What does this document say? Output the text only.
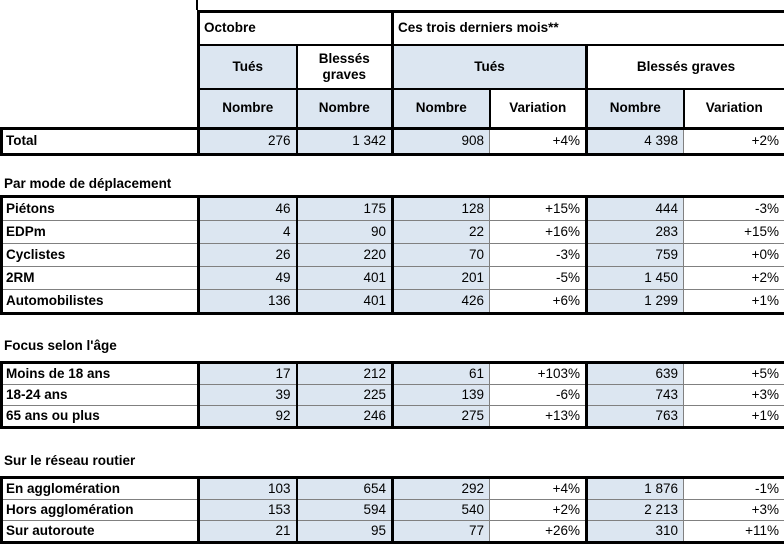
	Octobre		Ces trois derniers mois**			
	Tués	Blessés graves	Tués		Blessés graves	
	Nombre	Nombre	Nombre	Variation	Nombre	Variation
Total	276	1 342	908	+4%	4 398	+2%
Par mode de déplacement
Piétons	46	175	128	+15%	444	-3%
EDPm	4	90	22	+16%	283	+15%
Cyclistes	26	220	70	-3%	759	+0%
2RM	49	401	201	-5%	1 450	+2%
Automobilistes	136	401	426	+6%	1 299	+1%
Focus selon l'âge
Moins de 18 ans	17	212	61	+103%	639	+5%
18-24 ans	39	225	139	-6%	743	+3%
65 ans ou plus	92	246	275	+13%	763	+1%
Sur le réseau routier
En agglomération	103	654	292	+4%	1 876	-1%
Hors agglomération	153	594	540	+2%	2 213	+3%
Sur autoroute	21	95	77	+26%	310	+11%
